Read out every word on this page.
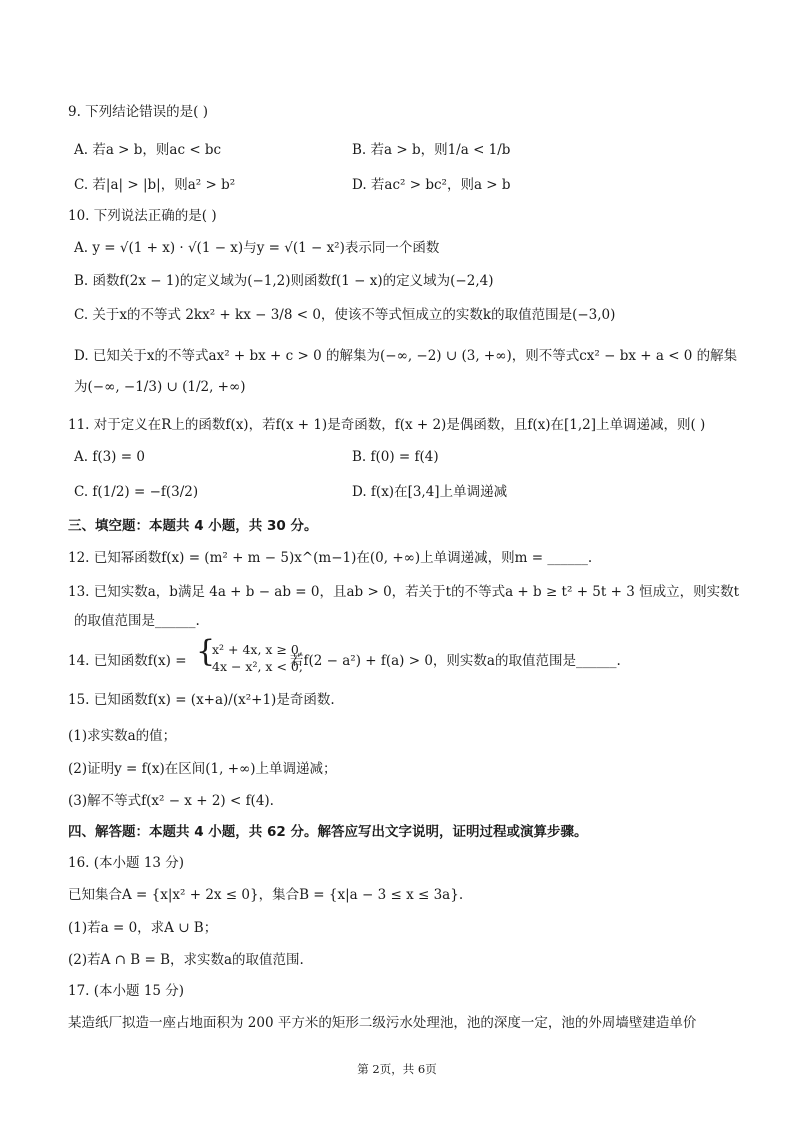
9. 下列结论错误的是( )
A. 若a > b，则ac < bc	B. 若a > b，则1/a < 1/b
C. 若|a| > |b|，则a² > b²	D. 若ac² > bc²，则a > b
10. 下列说法正确的是( )
A. y = √(1 + x) · √(1 − x)与y = √(1 − x²)表示同一个函数
B. 函数f(2x − 1)的定义域为(−1,2)则函数f(1 − x)的定义域为(−2,4)
C. 关于x的不等式 2kx² + kx − 3/8 < 0，使该不等式恒成立的实数k的取值范围是(−3,0)
D. 已知关于x的不等式ax² + bx + c > 0 的解集为(−∞, −2) ∪ (3, +∞)，则不等式cx² − bx + a < 0 的解集
为(−∞, −1/3) ∪ (1/2, +∞)
11. 对于定义在R上的函数f(x)，若f(x + 1)是奇函数，f(x + 2)是偶函数，且f(x)在[1,2]上单调递减，则( )
A. f(3) = 0	B. f(0) = f(4)
C. f(1/2) = −f(3/2)	D. f(x)在[3,4]上单调递减
三、填空题：本题共 4 小题，共 30 分。
12. 已知幂函数f(x) = (m² + m − 5)x^(m−1)在(0, +∞)上单调递减，则m = ______.
13. 已知实数a，b满足 4a + b − ab = 0，且ab > 0，若关于t的不等式a + b ≥ t² + 5t + 3 恒成立，则实数t
的取值范围是______.
14. 已知函数f(x) = {
x² + 4x, x ≥ 0,
4x − x², x < 0,
若f(2 − a²) + f(a) > 0，则实数a的取值范围是______.
15. 已知函数f(x) = (x+a)/(x²+1)是奇函数.
(1)求实数a的值；
(2)证明y = f(x)在区间(1, +∞)上单调递减；
(3)解不等式f(x² − x + 2) < f(4).
四、解答题：本题共 4 小题，共 62 分。解答应写出文字说明，证明过程或演算步骤。
16. (本小题 13 分)
已知集合A = {x|x² + 2x ≤ 0}，集合B = {x|a − 3 ≤ x ≤ 3a}.
(1)若a = 0，求A ∪ B；
(2)若A ∩ B = B，求实数a的取值范围.
17. (本小题 15 分)
某造纸厂拟造一座占地面积为 200 平方米的矩形二级污水处理池，池的深度一定，池的外周墙壁建造单价
第 2页，共 6页
